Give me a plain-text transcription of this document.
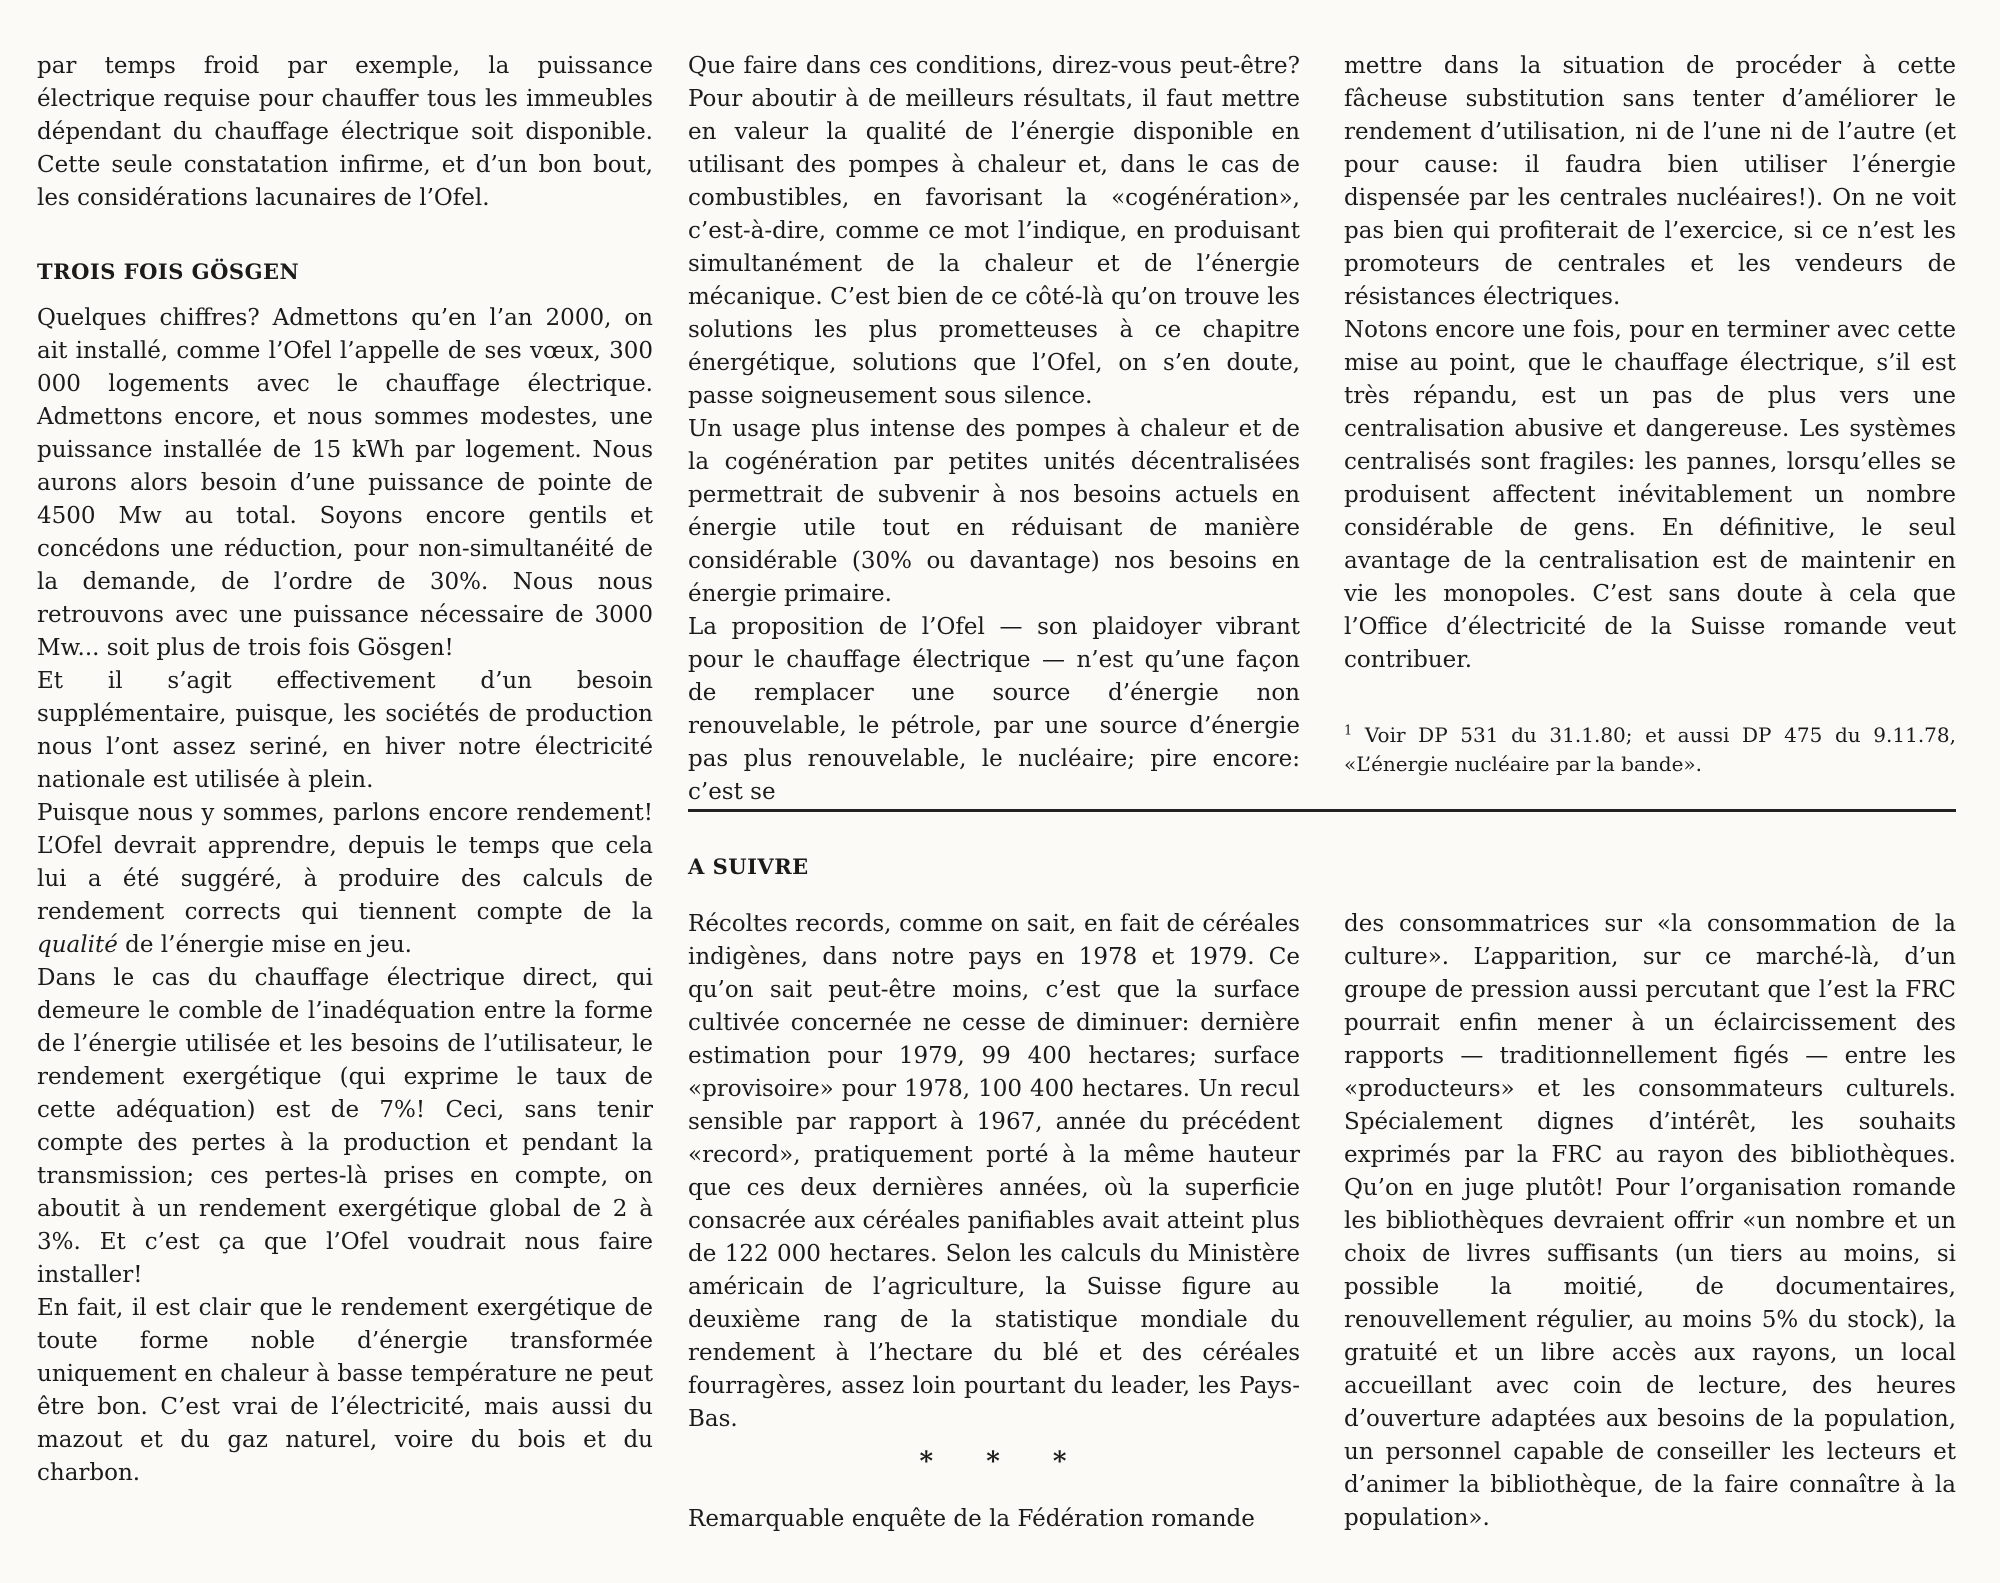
par temps froid par exemple, la puissance électrique requise pour chauffer tous les immeubles dépendant du chauffage électrique soit disponible. Cette seule constatation infirme, et d’un bon bout, les considérations lacunaires de l’Ofel.

TROIS FOIS GÖSGEN

Quelques chiffres? Admettons qu’en l’an 2000, on ait installé, comme l’Ofel l’appelle de ses vœux, 300 000 logements avec le chauffage électrique. Admettons encore, et nous sommes modestes, une puissance installée de 15 kWh par logement. Nous aurons alors besoin d’une puissance de pointe de 4500 Mw au total. Soyons encore gentils et concédons une réduction, pour non-simultanéité de la demande, de l’ordre de 30%. Nous nous retrouvons avec une puissance nécessaire de 3000 Mw... soit plus de trois fois Gösgen!

Et il s’agit effectivement d’un besoin supplémentaire, puisque, les sociétés de production nous l’ont assez seriné, en hiver notre électricité nationale est utilisée à plein.

Puisque nous y sommes, parlons encore rendement! L’Ofel devrait apprendre, depuis le temps que cela lui a été suggéré, à produire des calculs de rendement corrects qui tiennent compte de la qualité de l’énergie mise en jeu.

Dans le cas du chauffage électrique direct, qui demeure le comble de l’inadéquation entre la forme de l’énergie utilisée et les besoins de l’utilisateur, le rendement exergétique (qui exprime le taux de cette adéquation) est de 7%! Ceci, sans tenir compte des pertes à la production et pendant la transmission; ces pertes-là prises en compte, on aboutit à un rendement exergétique global de 2 à 3%. Et c’est ça que l’Ofel voudrait nous faire installer!

En fait, il est clair que le rendement exergétique de toute forme noble d’énergie transformée uniquement en chaleur à basse température ne peut être bon. C’est vrai de l’électricité, mais aussi du mazout et du gaz naturel, voire du bois et du charbon.

Que faire dans ces conditions, direz-vous peut-être? Pour aboutir à de meilleurs résultats, il faut mettre en valeur la qualité de l’énergie disponible en utilisant des pompes à chaleur et, dans le cas de combustibles, en favorisant la «cogénération», c’est-à-dire, comme ce mot l’indique, en produisant simultanément de la chaleur et de l’énergie mécanique. C’est bien de ce côté-là qu’on trouve les solutions les plus prometteuses à ce chapitre énergétique, solutions que l’Ofel, on s’en doute, passe soigneusement sous silence.

Un usage plus intense des pompes à chaleur et de la cogénération par petites unités décentralisées permettrait de subvenir à nos besoins actuels en énergie utile tout en réduisant de manière considérable (30% ou davantage) nos besoins en énergie primaire.

La proposition de l’Ofel — son plaidoyer vibrant pour le chauffage électrique — n’est qu’une façon de remplacer une source d’énergie non renouvelable, le pétrole, par une source d’énergie pas plus renouvelable, le nucléaire; pire encore: c’est se

mettre dans la situation de procéder à cette fâcheuse substitution sans tenter d’améliorer le rendement d’utilisation, ni de l’une ni de l’autre (et pour cause: il faudra bien utiliser l’énergie dispensée par les centrales nucléaires!). On ne voit pas bien qui profiterait de l’exercice, si ce n’est les promoteurs de centrales et les vendeurs de résistances électriques.

Notons encore une fois, pour en terminer avec cette mise au point, que le chauffage électrique, s’il est très répandu, est un pas de plus vers une centralisation abusive et dangereuse. Les systèmes centralisés sont fragiles: les pannes, lorsqu’elles se produisent affectent inévitablement un nombre considérable de gens. En définitive, le seul avantage de la centralisation est de maintenir en vie les monopoles. C’est sans doute à cela que l’Office d’électricité de la Suisse romande veut contribuer.

$^1$ Voir DP 531 du 31.1.80; et aussi DP 475 du 9.11.78, «L’énergie nucléaire par la bande».

A SUIVRE

Récoltes records, comme on sait, en fait de céréales indigènes, dans notre pays en 1978 et 1979. Ce qu’on sait peut-être moins, c’est que la surface cultivée concernée ne cesse de diminuer: dernière estimation pour 1979, 99 400 hectares; surface «provisoire» pour 1978, 100 400 hectares. Un recul sensible par rapport à 1967, année du précédent «record», pratiquement porté à la même hauteur que ces deux dernières années, où la superficie consacrée aux céréales panifiables avait atteint plus de 122 000 hectares. Selon les calculs du Ministère américain de l’agriculture, la Suisse figure au deuxième rang de la statistique mondiale du rendement à l’hectare du blé et des céréales fourragères, assez loin pourtant du leader, les Pays-Bas.

* * *

Remarquable enquête de la Fédération romande

des consommatrices sur «la consommation de la culture». L’apparition, sur ce marché-là, d’un groupe de pression aussi percutant que l’est la FRC pourrait enfin mener à un éclaircissement des rapports — traditionnellement figés — entre les «producteurs» et les consommateurs culturels. Spécialement dignes d’intérêt, les souhaits exprimés par la FRC au rayon des bibliothèques. Qu’on en juge plutôt! Pour l’organisation romande les bibliothèques devraient offrir «un nombre et un choix de livres suffisants (un tiers au moins, si possible la moitié, de documentaires, renouvellement régulier, au moins 5% du stock), la gratuité et un libre accès aux rayons, un local accueillant avec coin de lecture, des heures d’ouverture adaptées aux besoins de la population, un personnel capable de conseiller les lecteurs et d’animer la bibliothèque, de la faire connaître à la population».
